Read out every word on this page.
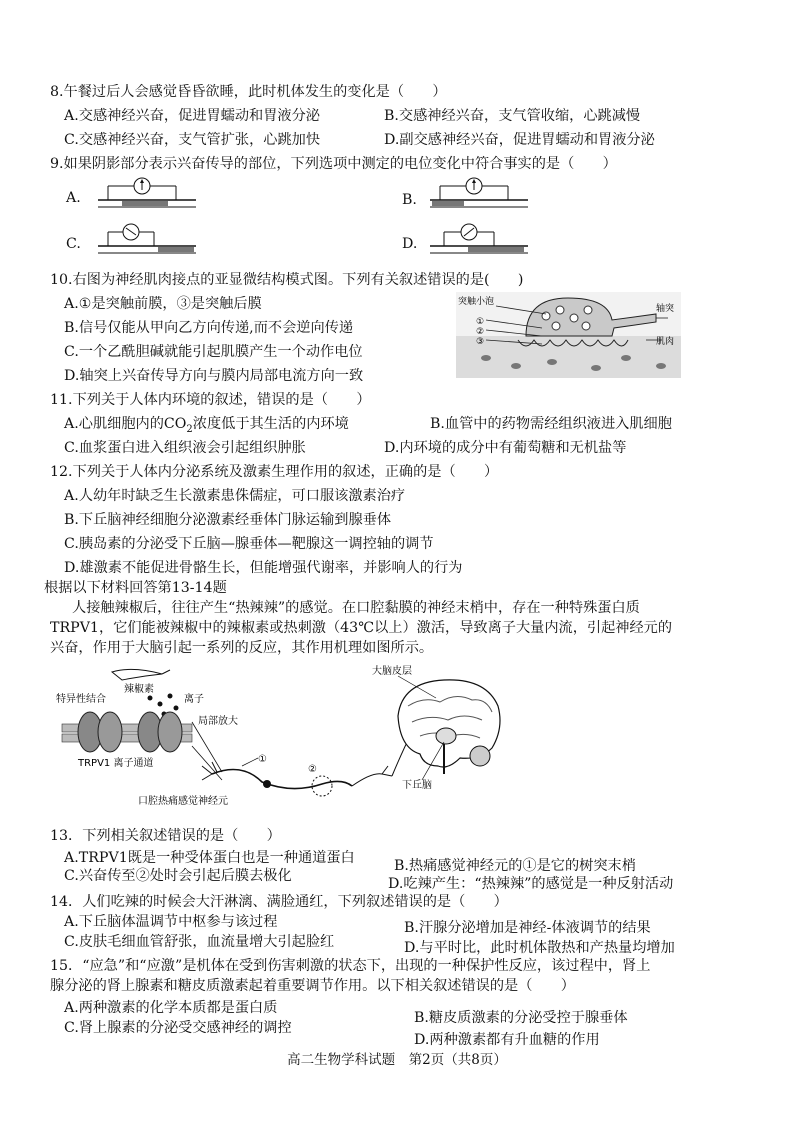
8.午餐过后人会感觉昏昏欲睡，此时机体发生的变化是（　　）
A.交感神经兴奋，促进胃蠕动和胃液分泌	B.交感神经兴奋，支气管收缩，心跳减慢
C.交感神经兴奋，支气管扩张，心跳加快	D.副交感神经兴奋，促进胃蠕动和胃液分泌
9.如果阴影部分表示兴奋传导的部位，下列选项中测定的电位变化中符合事实的是（　　）
A.	B.
C.	D.
10.右图为神经肌肉接点的亚显微结构模式图。下列有关叙述错误的是(　　)
A.①是突触前膜，③是突触后膜
B.信号仅能从甲向乙方向传递,而不会逆向传递
C.一个乙酰胆碱就能引起肌膜产生一个动作电位
D.轴突上兴奋传导方向与膜内局部电流方向一致
突触小泡
①
②
③
轴突
肌肉
11.下列关于人体内环境的叙述，错误的是（　　）
A.心肌细胞内的$CO_2$浓度低于其生活的内环境	B.血管中的药物需经组织液进入肌细胞
C.血浆蛋白进入组织液会引起组织肿胀	D.内环境的成分中有葡萄糖和无机盐等
12.下列关于人体内分泌系统及激素生理作用的叙述，正确的是（　　）
A.人幼年时缺乏生长激素患侏儒症，可口服该激素治疗
B.下丘脑神经细胞分泌激素经垂体门脉运输到腺垂体
C.胰岛素的分泌受下丘脑—腺垂体—靶腺这一调控轴的调节
D.雄激素不能促进骨骼生长，但能增强代谢率，并影响人的行为
根据以下材料回答第13-14题
人接触辣椒后，往往产生“热辣辣”的感觉。在口腔黏膜的神经末梢中，存在一种特殊蛋白质
TRPV1，它们能被辣椒中的辣椒素或热刺激（43℃以上）激活，导致离子大量内流，引起神经元的
兴奋，作用于大脑引起一系列的反应，其作用机理如图所示。
辣椒素
特异性结合	离子
TRPV1 离子通道
局部放大
①
②
口腔热痛感觉神经元
大脑皮层
下丘脑
13．下列相关叙述错误的是（　　）
A.TRPV1既是一种受体蛋白也是一种通道蛋白	B.热痛感觉神经元的①是它的树突末梢
C.兴奋传至②处时会引起后膜去极化	D.吃辣产生：“热辣辣”的感觉是一种反射活动
14．人们吃辣的时候会大汗淋漓、满脸通红，下列叙述错误的是（　　）
A.下丘脑体温调节中枢参与该过程	B.汗腺分泌增加是神经-体液调节的结果
C.皮肤毛细血管舒张，血流量增大引起脸红	D.与平时比，此时机体散热和产热量均增加
15．“应急”和“应激”是机体在受到伤害刺激的状态下，出现的一种保护性反应，该过程中，肾上
腺分泌的肾上腺素和糖皮质激素起着重要调节作用。以下相关叙述错误的是（　　）
A.两种激素的化学本质都是蛋白质
B.糖皮质激素的分泌受控于腺垂体
C.肾上腺素的分泌受交感神经的调控
D.两种激素都有升血糖的作用
高二生物学科试题　第2页（共8页）
